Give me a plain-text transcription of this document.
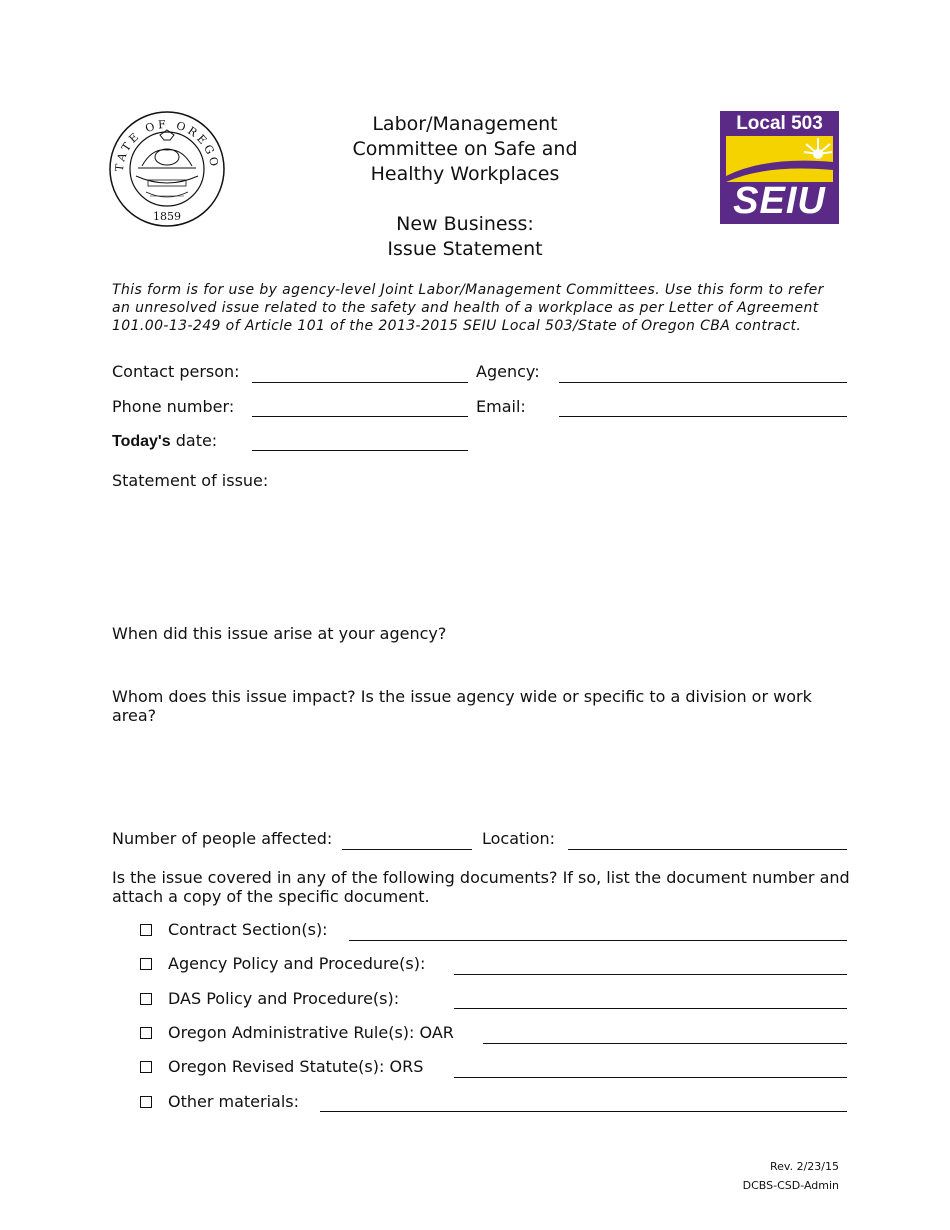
TATE OF OREGO
1859
Labor/Management
Committee on Safe and
Healthy Workplaces
New Business:
Issue Statement
Local 503
SEIU
This form is for use by agency-level Joint Labor/Management Committees. Use this form to refer an unresolved issue related to the safety and health of a workplace as per Letter of Agreement 101.00-13-249 of Article 101 of the 2013-2015 SEIU Local 503/State of Oregon CBA contract.
Contact person:	Agency:
Phone number:	Email:
Today's date:
Statement of issue:
When did this issue arise at your agency?
Whom does this issue impact? Is the issue agency wide or specific to a division or work area?
Number of people affected:	Location:
Is the issue covered in any of the following documents? If so, list the document number and attach a copy of the specific document.
Contract Section(s):
Agency Policy and Procedure(s):
DAS Policy and Procedure(s):
Oregon Administrative Rule(s): OAR
Oregon Revised Statute(s): ORS
Other materials:
Rev. 2/23/15
DCBS-CSD-Admin
